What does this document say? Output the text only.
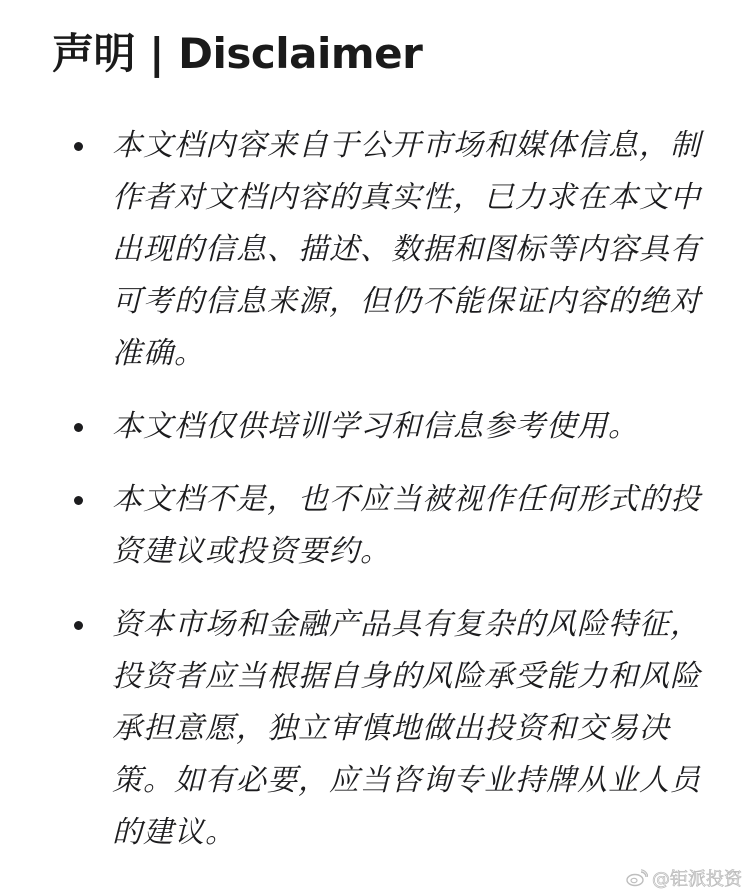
声明 | Disclaimer
本文档内容来自于公开市场和媒体信息，制作者对文档内容的真实性，已力求在本文中出现的信息、描述、数据和图标等内容具有可考的信息来源，但仍不能保证内容的绝对准确。
本文档仅供培训学习和信息参考使用。
本文档不是，也不应当被视作任何形式的投资建议或投资要约。
资本市场和金融产品具有复杂的风险特征，投资者应当根据自身的风险承受能力和风险承担意愿，独立审慎地做出投资和交易决策。如有必要，应当咨询专业持牌从业人员的建议。
@钜派投资
